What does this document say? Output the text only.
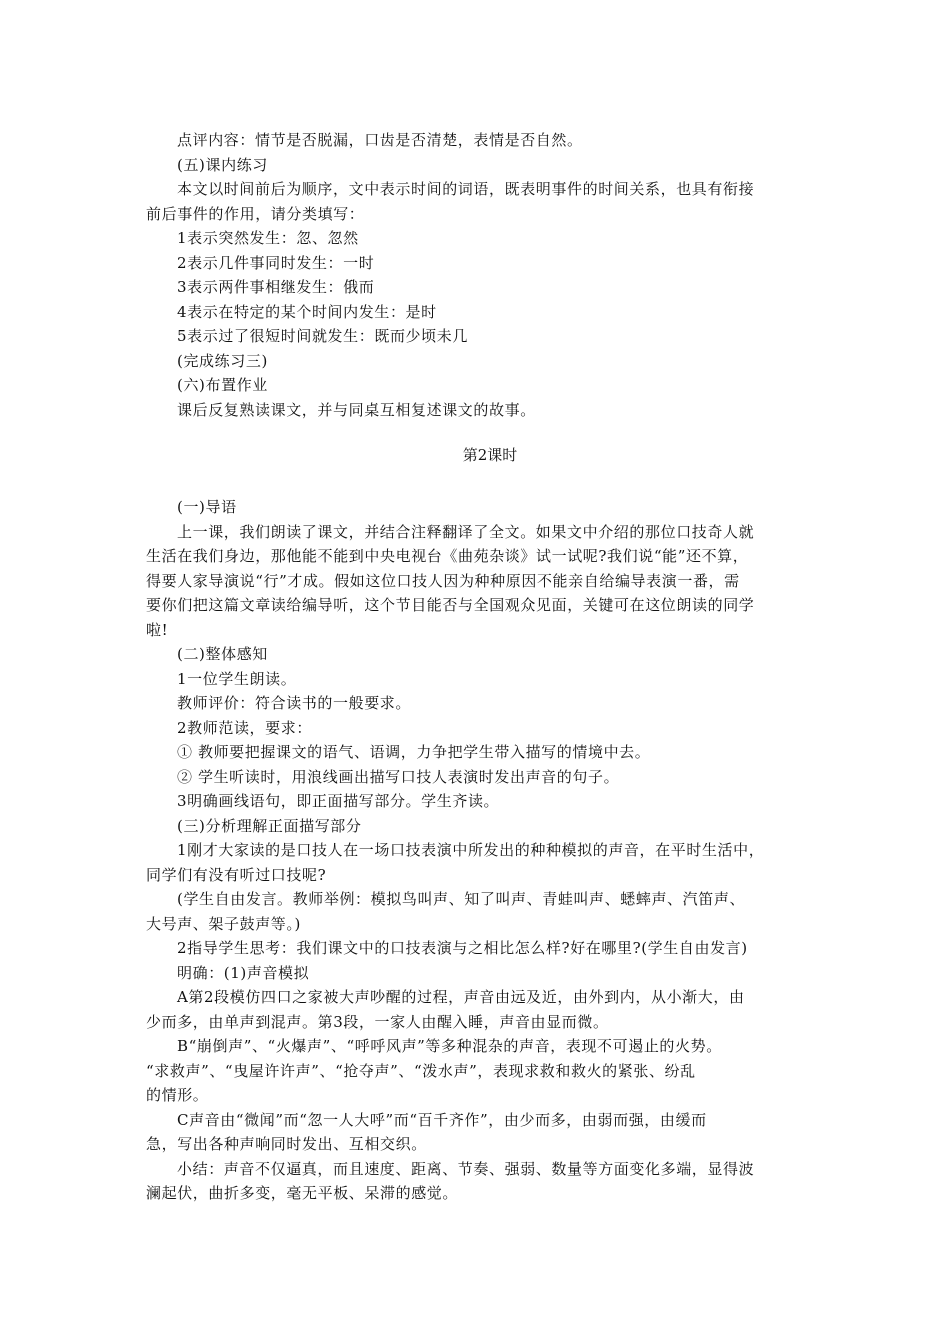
点评内容：情节是否脱漏，口齿是否清楚，表情是否自然。
(五)课内练习
本文以时间前后为顺序，文中表示时间的词语，既表明事件的时间关系，也具有衔接
前后事件的作用，请分类填写：
1表示突然发生：忽、忽然
2表示几件事同时发生：一时
3表示两件事相继发生：俄而
4表示在特定的某个时间内发生：是时
5表示过了很短时间就发生：既而少顷未几
(完成练习三)
(六)布置作业
课后反复熟读课文，并与同桌互相复述课文的故事。
第2课时
(一)导语
上一课，我们朗读了课文，并结合注释翻译了全文。如果文中介绍的那位口技奇人就
生活在我们身边，那他能不能到中央电视台《曲苑杂谈》试一试呢?我们说“能”还不算，
得要人家导演说“行”才成。假如这位口技人因为种种原因不能亲自给编导表演一番，需
要你们把这篇文章读给编导听，这个节目能否与全国观众见面，关键可在这位朗读的同学
啦!
(二)整体感知
1一位学生朗读。
教师评价：符合读书的一般要求。
2教师范读，要求：
① 教师要把握课文的语气、语调，力争把学生带入描写的情境中去。
② 学生听读时，用浪线画出描写口技人表演时发出声音的句子。
3明确画线语句，即正面描写部分。学生齐读。
(三)分析理解正面描写部分
1刚才大家读的是口技人在一场口技表演中所发出的种种模拟的声音，在平时生活中，
同学们有没有听过口技呢?
(学生自由发言。教师举例：模拟鸟叫声、知了叫声、青蛙叫声、蟋蟀声、汽笛声、
大号声、架子鼓声等。)
2指导学生思考：我们课文中的口技表演与之相比怎么样?好在哪里?(学生自由发言)
明确：(1)声音模拟
A第2段模仿四口之家被大声吵醒的过程，声音由远及近，由外到内，从小渐大，由
少而多，由单声到混声。第3段，一家人由醒入睡，声音由显而微。
B“崩倒声”、“火爆声”、“呼呼风声”等多种混杂的声音，表现不可遏止的火势。
“求救声”、“曳屋许许声”、“抢夺声”、“泼水声”，表现求救和救火的紧张、纷乱
的情形。
C声音由“微闻”而“忽一人大呼”而“百千齐作”，由少而多，由弱而强，由缓而
急，写出各种声响同时发出、互相交织。
小结：声音不仅逼真，而且速度、距离、节奏、强弱、数量等方面变化多端，显得波
澜起伏，曲折多变，毫无平板、呆滞的感觉。
